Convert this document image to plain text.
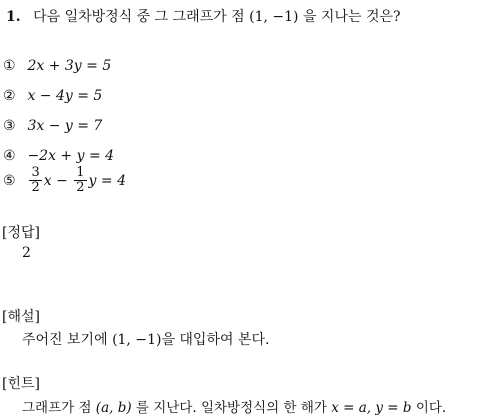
1. 다음 일차방정식 중 그 그래프가 점 (1, −1) 을 지나는 것은?
① 2x + 3y = 5
② x − 4y = 5
③ 3x − y = 7
④ −2x + y = 4
⑤ $\frac{3}{2}$ $x - \frac{1}{2}$ y = 4
[정답]
2
[해설]
주어진 보기에 (1, −1)을 대입하여 본다.
[힌트]
그래프가 점 (a, b) 를 지난다. 일차방정식의 한 해가 x = a, y = b 이다.
